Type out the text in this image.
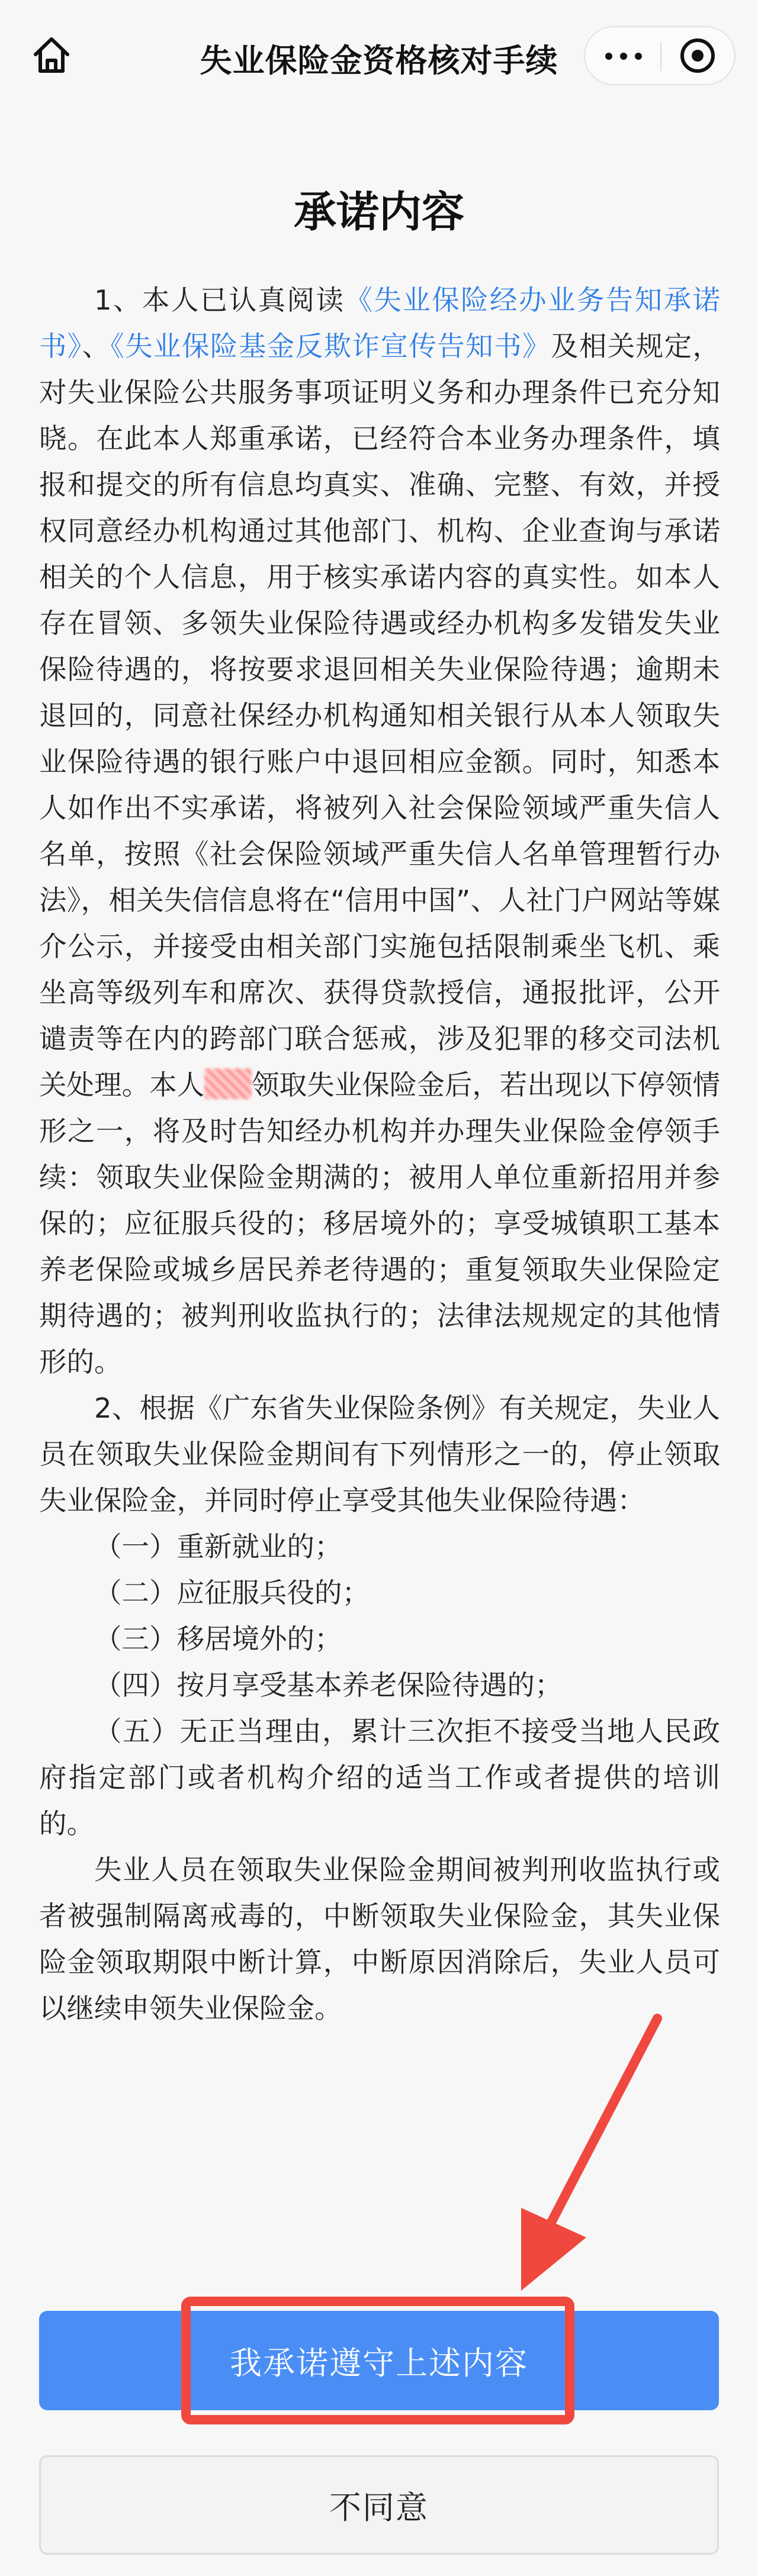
失业保险金资格核对手续
承诺内容

1、本人已认真阅读《失业保险经办业务告知承诺书》、《失业保险基金反欺诈宣传告知书》及相关规定，对失业保险公共服务事项证明义务和办理条件已充分知晓。在此本人郑重承诺，已经符合本业务办理条件，填报和提交的所有信息均真实、准确、完整、有效，并授权同意经办机构通过其他部门、机构、企业查询与承诺相关的个人信息，用于核实承诺内容的真实性。如本人存在冒领、多领失业保险待遇或经办机构多发错发失业保险待遇的，将按要求退回相关失业保险待遇；逾期未退回的，同意社保经办机构通知相关银行从本人领取失业保险待遇的银行账户中退回相应金额。同时，知悉本人如作出不实承诺，将被列入社会保险领域严重失信人名单，按照《社会保险领域严重失信人名单管理暂行办法》，相关失信信息将在“信用中国”、人社门户网站等媒介公示，并接受由相关部门实施包括限制乘坐飞机、乘坐高等级列车和席次、获得贷款授信，通报批评，公开谴责等在内的跨部门联合惩戒，涉及犯罪的移交司法机关处理。本人 领取失业保险金后，若出现以下停领情形之一，将及时告知经办机构并办理失业保险金停领手续：领取失业保险金期满的；被用人单位重新招用并参保的；应征服兵役的；移居境外的；享受城镇职工基本养老保险或城乡居民养老待遇的；重复领取失业保险定期待遇的；被判刑收监执行的；法律法规规定的其他情形的。

2、根据《广东省失业保险条例》有关规定，失业人员在领取失业保险金期间有下列情形之一的，停止领取失业保险金，并同时停止享受其他失业保险待遇：

（一）重新就业的；

（二）应征服兵役的；

（三）移居境外的；

（四）按月享受基本养老保险待遇的；

（五）无正当理由，累计三次拒不接受当地人民政府指定部门或者机构介绍的适当工作或者提供的培训的。

失业人员在领取失业保险金期间被判刑收监执行或者被强制隔离戒毒的，中断领取失业保险金，其失业保险金领取期限中断计算，中断原因消除后，失业人员可以继续申领失业保险金。

我承诺遵守上述内容
不同意
